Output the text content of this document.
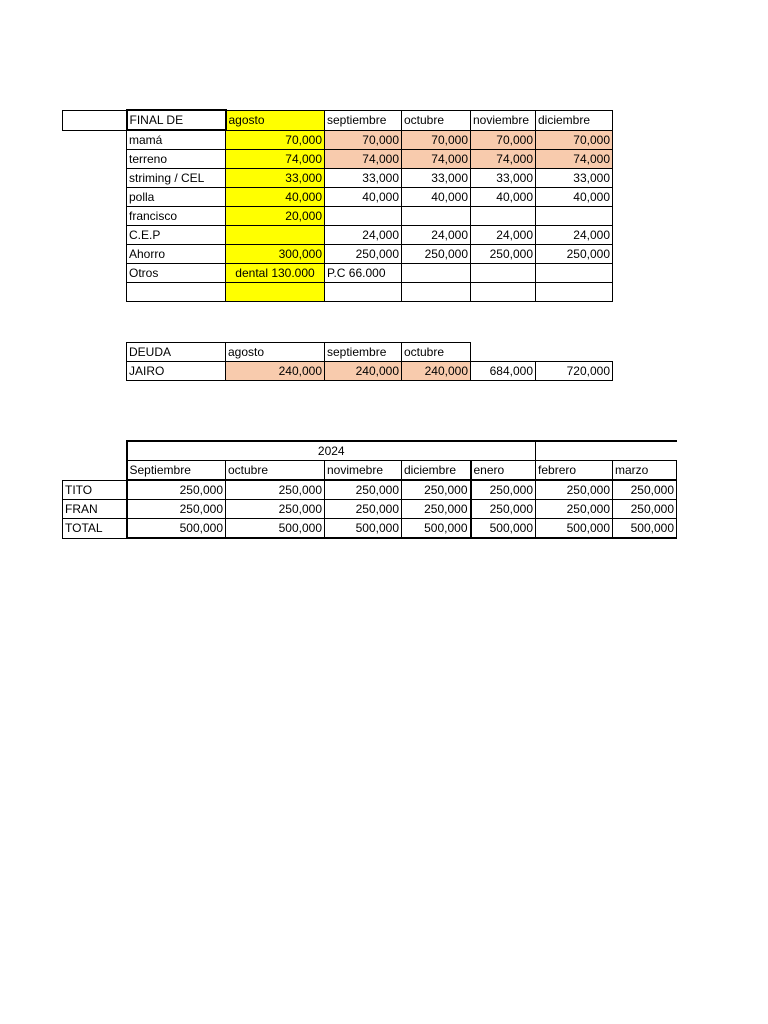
	FINAL DE	agosto	septiembre	octubre	noviembre	diciembre
	mamá	70,000	70,000	70,000	70,000	70,000
	terreno	74,000	74,000	74,000	74,000	74,000
	striming / CEL	33,000	33,000	33,000	33,000	33,000
	polla	40,000	40,000	40,000	40,000	40,000
	francisco	20,000				
	C.E.P		24,000	24,000	24,000	24,000
	Ahorro	300,000	250,000	250,000	250,000	250,000
	Otros	dental 130.000	P.C 66.000			

DEUDA	agosto	septiembre	octubre		
JAIRO	240,000	240,000	240,000	684,000	720,000
	2024						
	Septiembre	octubre	novimebre	diciembre	enero	febrero	marzo
TITO	250,000	250,000	250,000	250,000	250,000	250,000	250,000
FRAN	250,000	250,000	250,000	250,000	250,000	250,000	250,000
TOTAL	500,000	500,000	500,000	500,000	500,000	500,000	500,000
